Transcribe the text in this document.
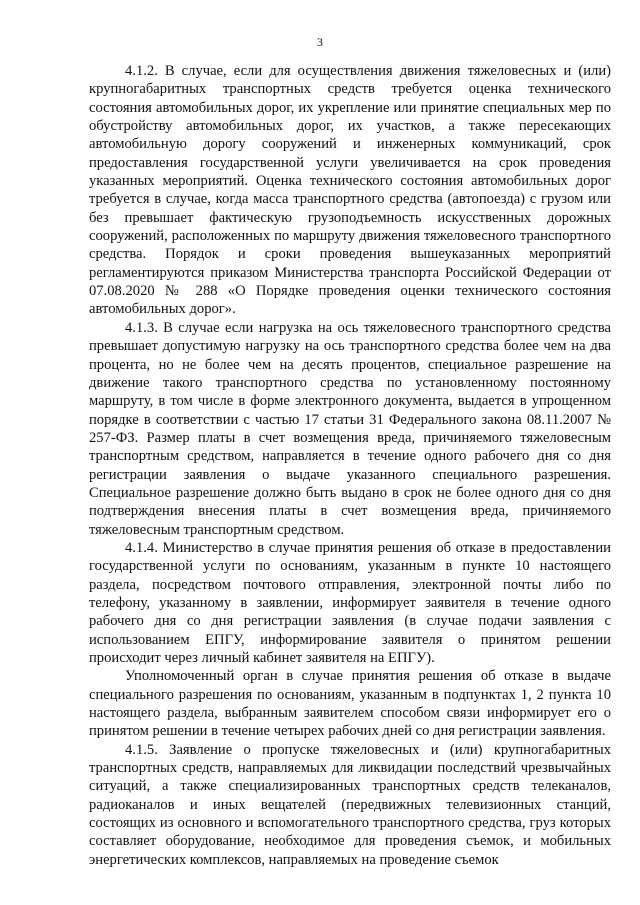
3

4.1.2. В случае, если для осуществления движения тяжеловесных и (или) крупногабаритных транспортных средств требуется оценка технического состояния автомобильных дорог, их укрепление или принятие специальных мер по обустройству автомобильных дорог, их участков, а также пересекающих автомобильную дорогу сооружений и инженерных коммуникаций, срок предоставления государственной услуги увеличивается на срок проведения указанных мероприятий. Оценка технического состояния автомобильных дорог требуется в случае, когда масса транспортного средства (автопоезда) с грузом или без превышает фактическую грузоподъемность искусственных дорожных сооружений, расположенных по маршруту движения тяжеловесного транспортного средства. Порядок и сроки проведения вышеуказанных мероприятий регламентируются приказом Министерства транспорта Российской Федерации от 07.08.2020 № 288 «О Порядке проведения оценки технического состояния автомобильных дорог».

4.1.3. В случае если нагрузка на ось тяжеловесного транспортного средства превышает допустимую нагрузку на ось транспортного средства более чем на два процента, но не более чем на десять процентов, специальное разрешение на движение такого транспортного средства по установленному постоянному маршруту, в том числе в форме электронного документа, выдается в упрощенном порядке в соответствии с частью 17 статьи 31 Федерального закона 08.11.2007 № 257-ФЗ. Размер платы в счет возмещения вреда, причиняемого тяжеловесным транспортным средством, направляется в течение одного рабочего дня со дня регистрации заявления о выдаче указанного специального разрешения. Специальное разрешение должно быть выдано в срок не более одного дня со дня подтверждения внесения платы в счет возмещения вреда, причиняемого тяжеловесным транспортным средством.

4.1.4. Министерство в случае принятия решения об отказе в предоставлении государственной услуги по основаниям, указанным в пункте 10 настоящего раздела, посредством почтового отправления, электронной почты либо по телефону, указанному в заявлении, информирует заявителя в течение одного рабочего дня со дня регистрации заявления (в случае подачи заявления с использованием ЕПГУ, информирование заявителя о принятом решении происходит через личный кабинет заявителя на ЕПГУ).

Уполномоченный орган в случае принятия решения об отказе в выдаче специального разрешения по основаниям, указанным в подпунктах 1, 2 пункта 10 настоящего раздела, выбранным заявителем способом связи информирует его о принятом решении в течение четырех рабочих дней со дня регистрации заявления.

4.1.5. Заявление о пропуске тяжеловесных и (или) крупногабаритных транспортных средств, направляемых для ликвидации последствий чрезвычайных ситуаций, а также специализированных транспортных средств телеканалов, радиоканалов и иных вещателей (передвижных телевизионных станций, состоящих из основного и вспомогательного транспортного средства, груз которых составляет оборудование, необходимое для проведения съемок, и мобильных энергетических комплексов, направляемых на проведение съемок
